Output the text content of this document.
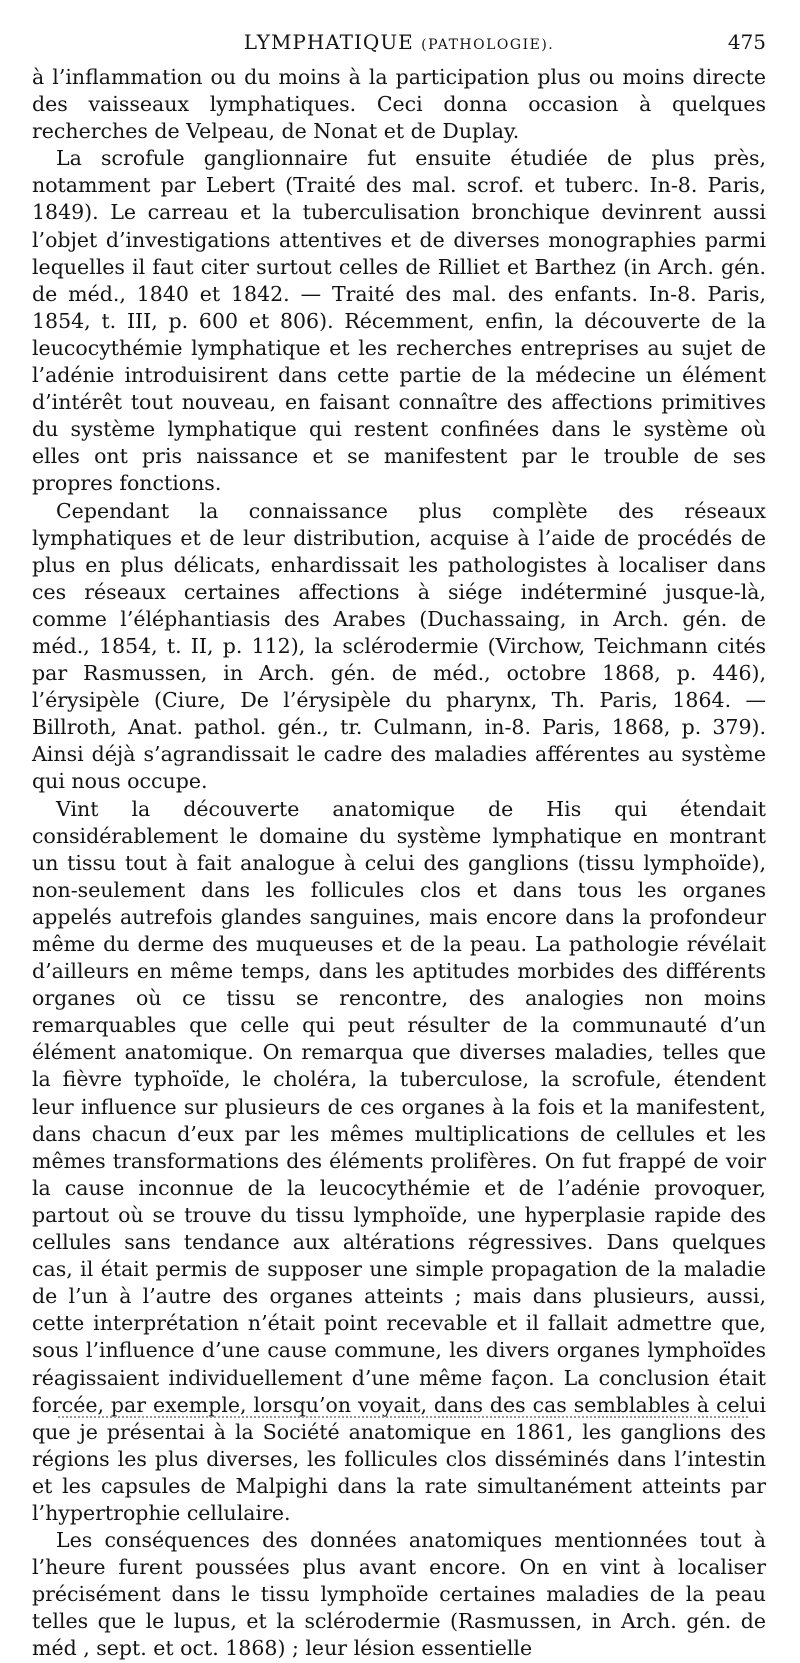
LYMPHATIQUE (PATHOLOGIE).	475

à l’inflammation ou du moins à la participation plus ou moins directe des vaisseaux lymphatiques. Ceci donna occasion à quelques recherches de Velpeau, de Nonat et de Duplay.

La scrofule ganglionnaire fut ensuite étudiée de plus près, notamment par Lebert (Traité des mal. scrof. et tuberc. In-8. Paris, 1849). Le carreau et la tuberculisation bronchique devinrent aussi l’objet d’investigations attentives et de diverses monographies parmi lequelles il faut citer surtout celles de Rilliet et Barthez (in Arch. gén. de méd., 1840 et 1842. — Traité des mal. des enfants. In-8. Paris, 1854, t. III, p. 600 et 806). Récemment, enfin, la découverte de la leucocythémie lymphatique et les recherches entreprises au sujet de l’adénie introduisirent dans cette partie de la médecine un élément d’intérêt tout nouveau, en faisant connaître des affections primitives du système lymphatique qui restent confinées dans le système où elles ont pris naissance et se manifestent par le trouble de ses propres fonctions.

Cependant la connaissance plus complète des réseaux lymphatiques et de leur distribution, acquise à l’aide de procédés de plus en plus délicats, enhardissait les pathologistes à localiser dans ces réseaux certaines affections à siége indéterminé jusque-là, comme l’éléphantiasis des Arabes (Duchassaing, in Arch. gén. de méd., 1854, t. II, p. 112), la sclérodermie (Virchow, Teichmann cités par Rasmussen, in Arch. gén. de méd., octobre 1868, p. 446), l’érysipèle (Ciure, De l’érysipèle du pharynx, Th. Paris, 1864. — Billroth, Anat. pathol. gén., tr. Culmann, in-8. Paris, 1868, p. 379). Ainsi déjà s’agrandissait le cadre des maladies afférentes au système qui nous occupe.

Vint la découverte anatomique de His qui étendait considérablement le domaine du système lymphatique en montrant un tissu tout à fait analogue à celui des ganglions (tissu lymphoïde), non-seulement dans les follicules clos et dans tous les organes appelés autrefois glandes sanguines, mais encore dans la profondeur même du derme des muqueuses et de la peau. La pathologie révélait d’ailleurs en même temps, dans les aptitudes morbides des différents organes où ce tissu se rencontre, des analogies non moins remarquables que celle qui peut résulter de la communauté d’un élément anatomique. On remarqua que diverses maladies, telles que la fièvre typhoïde, le choléra, la tuberculose, la scrofule, étendent leur influence sur plusieurs de ces organes à la fois et la manifestent, dans chacun d’eux par les mêmes multiplications de cellules et les mêmes transformations des éléments prolifères. On fut frappé de voir la cause inconnue de la leucocythémie et de l’adénie provoquer, partout où se trouve du tissu lymphoïde, une hyperplasie rapide des cellules sans tendance aux altérations régressives. Dans quelques cas, il était permis de supposer une simple propagation de la maladie de l’un à l’autre des organes atteints ; mais dans plusieurs, aussi, cette interprétation n’était point recevable et il fallait admettre que, sous l’influence d’une cause commune, les divers organes lymphoïdes réagissaient individuellement d’une même façon. La conclusion était forcée, par exemple, lorsqu’on voyait, dans des cas semblables à celui que je présentai à la Société anatomique en 1861, les ganglions des régions les plus diverses, les follicules clos disséminés dans l’intestin et les capsules de Malpighi dans la rate simultanément atteints par l’hypertrophie cellulaire.

Les conséquences des données anatomiques mentionnées tout à l’heure furent poussées plus avant encore. On en vint à localiser précisément dans le tissu lymphoïde certaines maladies de la peau telles que le lupus, et la sclérodermie (Rasmussen, in Arch. gén. de méd , sept. et oct. 1868) ; leur lésion essentielle
